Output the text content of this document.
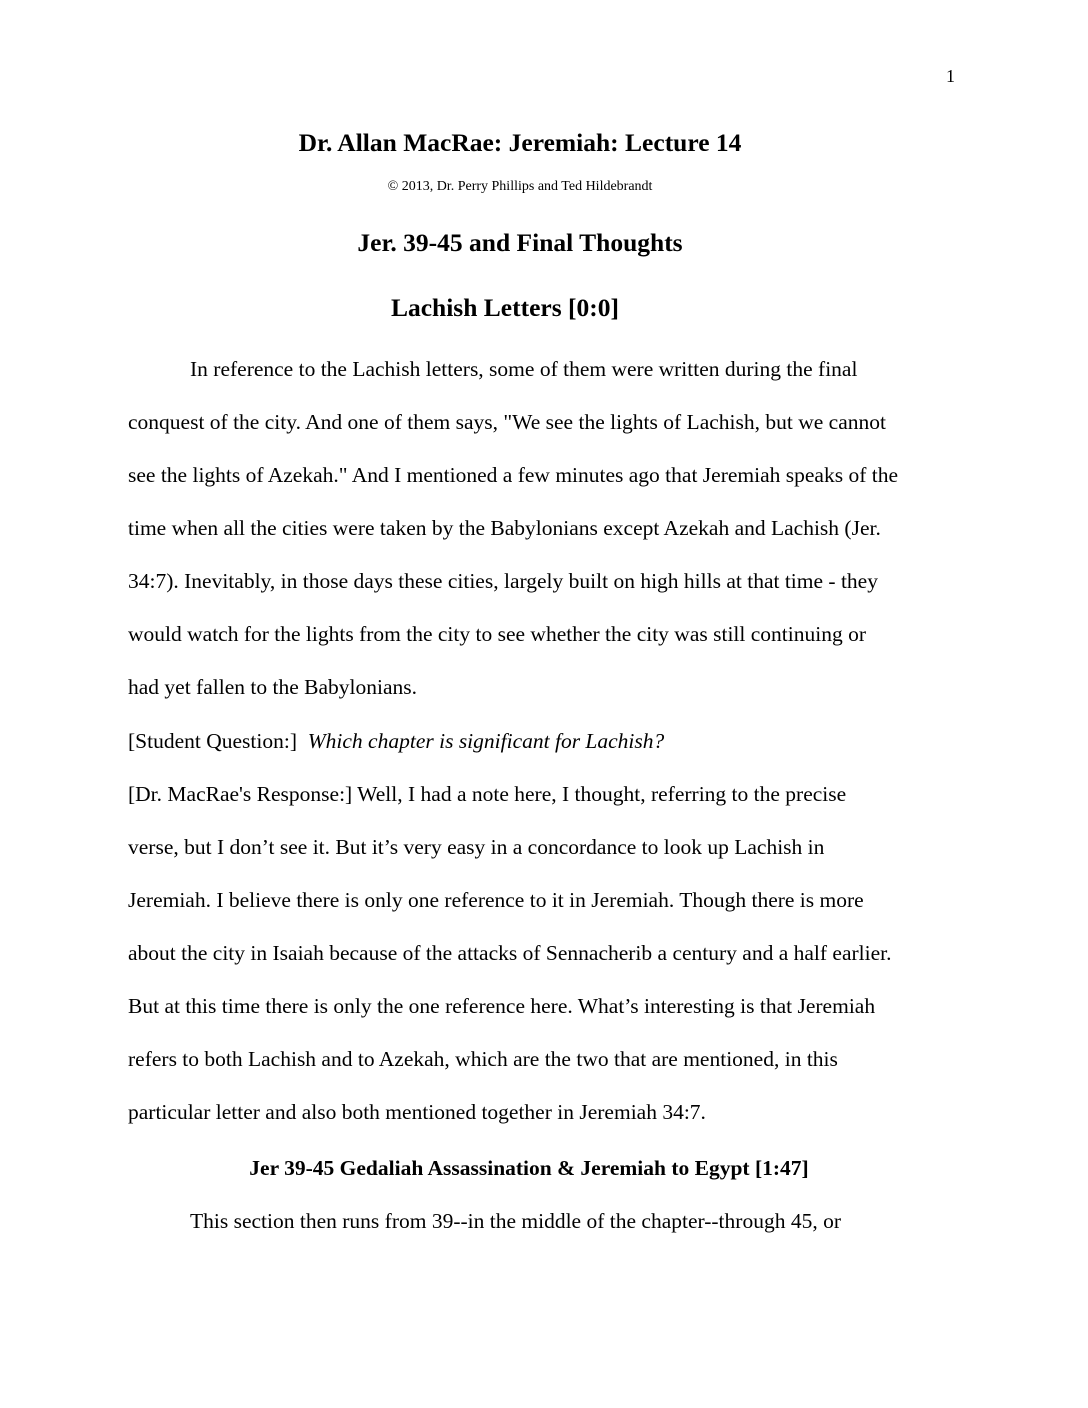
1
Dr. Allan MacRae: Jeremiah: Lecture 14
© 2013, Dr. Perry Phillips and Ted Hildebrandt
Jer. 39-45 and Final Thoughts
Lachish Letters [0:0]

In reference to the Lachish letters, some of them were written during the final

conquest of the city. And one of them says, "We see the lights of Lachish, but we cannot

see the lights of Azekah." And I mentioned a few minutes ago that Jeremiah speaks of the

time when all the cities were taken by the Babylonians except Azekah and Lachish (Jer.

34:7). Inevitably, in those days these cities, largely built on high hills at that time - they

would watch for the lights from the city to see whether the city was still continuing or

had yet fallen to the Babylonians.

[Student Question:] Which chapter is significant for Lachish?

[Dr. MacRae's Response:] Well, I had a note here, I thought, referring to the precise

verse, but I don’t see it. But it’s very easy in a concordance to look up Lachish in

Jeremiah. I believe there is only one reference to it in Jeremiah. Though there is more

about the city in Isaiah because of the attacks of Sennacherib a century and a half earlier.

But at this time there is only the one reference here. What’s interesting is that Jeremiah

refers to both Lachish and to Azekah, which are the two that are mentioned, in this

particular letter and also both mentioned together in Jeremiah 34:7.

Jer 39-45 Gedaliah Assassination & Jeremiah to Egypt [1:47]

This section then runs from 39--in the middle of the chapter--through 45, or
